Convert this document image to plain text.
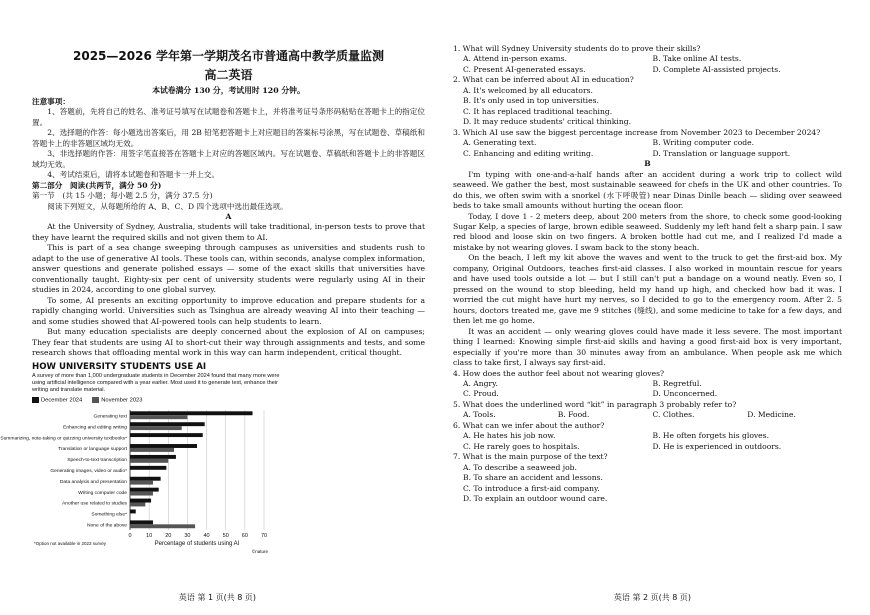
2025—2026 学年第一学期茂名市普通高中教学质量监测
高二英语
本试卷满分 130 分，考试用时 120 分钟。

注意事项：

1、答题前，先将自己的姓名、准考证号填写在试题卷和答题卡上，并将准考证号条形码粘贴在答题卡上的指定位置。

2、选择题的作答：每小题选出答案后，用 2B 铅笔把答题卡上对应题目的答案标号涂黑，写在试题卷、草稿纸和答题卡上的非答题区域均无效。

3、非选择题的作答：用签字笔直接答在答题卡上对应的答题区域内。写在试题卷、草稿纸和答题卡上的非答题区域均无效。

4、考试结束后，请将本试题卷和答题卡一并上交。

第二部分　阅读(共两节，满分 50 分)

第一节　(共 15 小题；每小题 2.5 分，满分 37.5 分)

阅读下列短文，从每题所给的 A、B、C、D 四个选项中选出最佳选项。

A

At the University of Sydney, Australia, students will take traditional, in-person tests to prove that they have learnt the required skills and not given them to AI.

This is part of a sea change sweeping through campuses as universities and students rush to adapt to the use of generative AI tools. These tools can, within seconds, analyse complex information, answer questions and generate polished essays — some of the exact skills that universities have conventionally taught. Eighty-six per cent of university students were regularly using AI in their studies in 2024, according to one global survey.

To some, AI presents an exciting opportunity to improve education and prepare students for a rapidly changing world. Universities such as Tsinghua are already weaving AI into their teaching — and some studies showed that AI-powered tools can help students to learn.

But many education specialists are deeply concerned about the explosion of AI on campuses; They fear that students are using AI to short-cut their way through assignments and tests, and some research shows that offloading mental work in this way can harm independent, critical thought.

HOW UNIVERSITY STUDENTS USE AI
A survey of more than 1,000 undergraduate students in December 2024 found that many more were using artificial intelligence compared with a year earlier. Most used it to generate text, enhance their writing and translate material.
December 2024	November 2023
0	10 20 30 40 50 60 70
Generating text
Enhancing and editing writing
Summarizing, note-taking or quizzing university textbooks*
Translation or language support
Speech-to-text transcription
Generating images, video or audio*
Data analysis and presentation
Writing computer code
Another use related to studies
Something else*
None of the above
Percentage of students using AI
*Option not available in 2023 survey
©nature
英语 第 1 页(共 8 页)

1. What will Sydney University students do to prove their skills?

A. Attend in-person exams.	B. Take online AI tests.
C. Present AI-generated essays.	D. Complete AI-assisted projects.

2. What can be inferred about AI in education?

A. It's welcomed by all educators.
B. It's only used in top universities.
C. It has replaced traditional teaching.
D. It may reduce students' critical thinking.

3. Which AI use saw the biggest percentage increase from November 2023 to December 2024?

A. Generating text.	B. Writing computer code.
C. Enhancing and editing writing.	D. Translation or language support.

B

I'm typing with one-and-a-half hands after an accident during a work trip to collect wild seaweed. We gather the best, most sustainable seaweed for chefs in the UK and other countries. To do this, we often swim with a snorkel (水下呼吸管) near Dinas Dinlle beach — sliding over seaweed beds to take small amounts without hurting the ocean floor.

Today, I dove 1 - 2 meters deep, about 200 meters from the shore, to check some good-looking Sugar Kelp, a species of large, brown edible seaweed. Suddenly my left hand felt a sharp pain. I saw red blood and loose skin on two fingers. A broken bottle had cut me, and I realized I'd made a mistake by not wearing gloves. I swam back to the stony beach.

On the beach, I left my kit above the waves and went to the truck to get the first-aid box. My company, Original Outdoors, teaches first-aid classes. I also worked in mountain rescue for years and have used tools outside a lot — but I still can't put a bandage on a wound neatly. Even so, I pressed on the wound to stop bleeding, held my hand up high, and checked how bad it was. I worried the cut might have hurt my nerves, so I decided to go to the emergency room. After 2. 5 hours, doctors treated me, gave me 9 stitches (缝线), and some medicine to take for a few days, and then let me go home.

It was an accident — only wearing gloves could have made it less severe. The most important thing I learned: Knowing simple first-aid skills and having a good first-aid box is very important, especially if you're more than 30 minutes away from an ambulance. When people ask me which class to take first, I always say first-aid.

4. How does the author feel about not wearing gloves?

A. Angry.	B. Regretful.
C. Proud.	D. Unconcerned.

5. What does the underlined word “kit” in paragraph 3 probably refer to?

A. Tools.	B. Food.	C. Clothes.	D. Medicine.

6. What can we infer about the author?

A. He hates his job now.	B. He often forgets his gloves.
C. He rarely goes to hospitals.	D. He is experienced in outdoors.

7. What is the main purpose of the text?

A. To describe a seaweed job.
B. To share an accident and lessons.
C. To introduce a first-aid company.
D. To explain an outdoor wound care.
英语 第 2 页(共 8 页)
